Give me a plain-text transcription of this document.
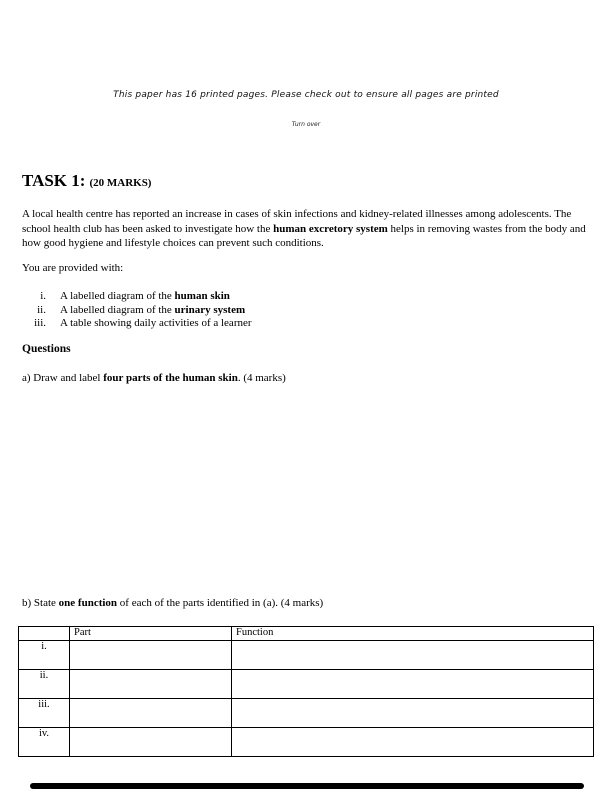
This paper has 16 printed pages. Please check out to ensure all pages are printed
Turn over
TASK 1: (20 MARKS)
A local health centre has reported an increase in cases of skin infections and kidney-related illnesses among adolescents. The school health club has been asked to investigate how the human excretory system helps in removing wastes from the body and how good hygiene and lifestyle choices can prevent such conditions.
You are provided with:
i. A labelled diagram of the human skin
ii. A labelled diagram of the urinary system
iii. A table showing daily activities of a learner
Questions
a) Draw and label four parts of the human skin. (4 marks)
b) State one function of each of the parts identified in (a). (4 marks)
	Part	Function
i.		
ii.		
iii.		
iv.		
